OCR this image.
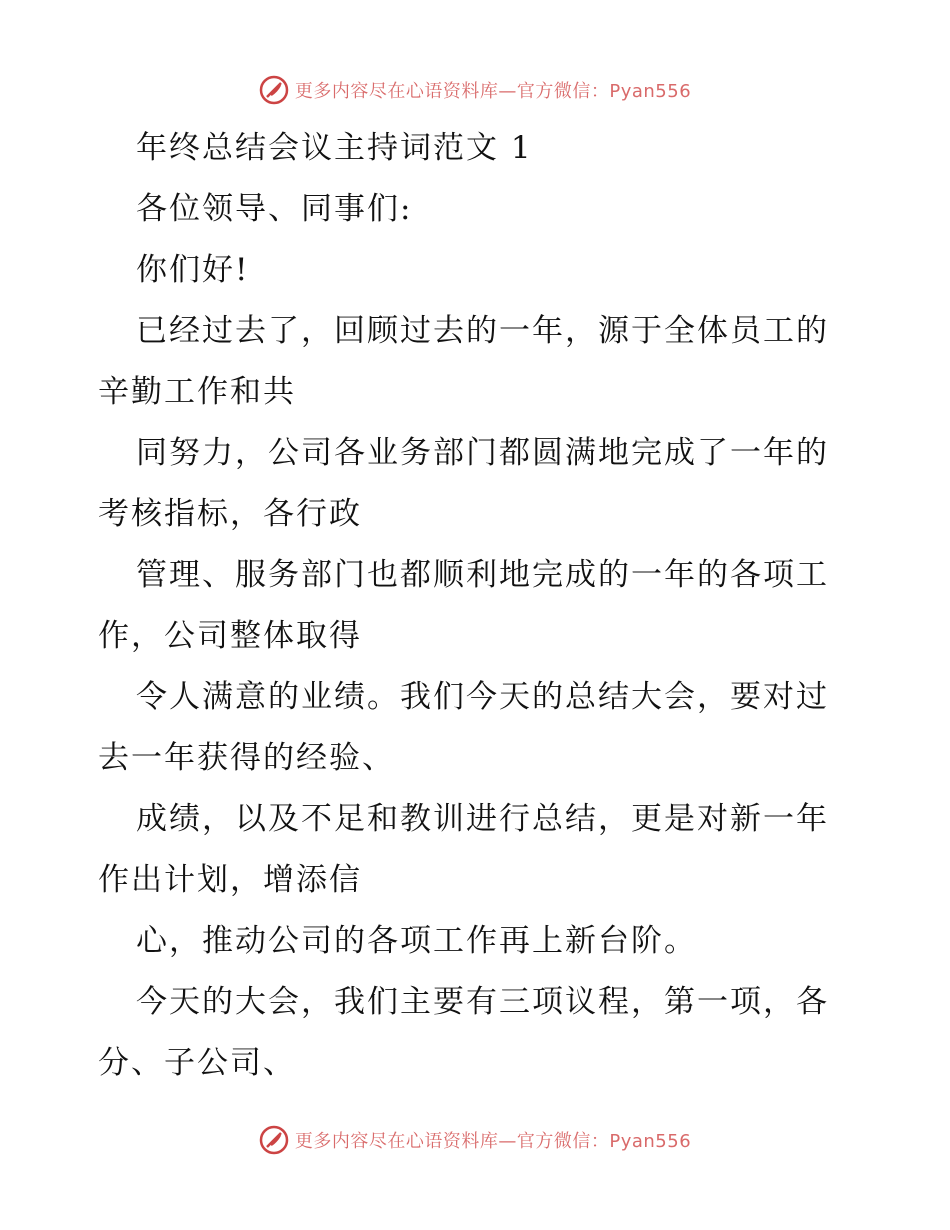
更多内容尽在心语资料库—官方微信：Pyan556
年终总结会议主持词范文 1
各位领导、同事们:
你们好!
已经过去了，回顾过去的一年，源于全体员工的
辛勤工作和共
同努力，公司各业务部门都圆满地完成了一年的
考核指标，各行政
管理、服务部门也都顺利地完成的一年的各项工
作，公司整体取得
令人满意的业绩。我们今天的总结大会，要对过
去一年获得的经验、
成绩，以及不足和教训进行总结，更是对新一年
作出计划，增添信
心，推动公司的各项工作再上新台阶。
今天的大会，我们主要有三项议程，第一项，各
分、子公司、
更多内容尽在心语资料库—官方微信：Pyan556
